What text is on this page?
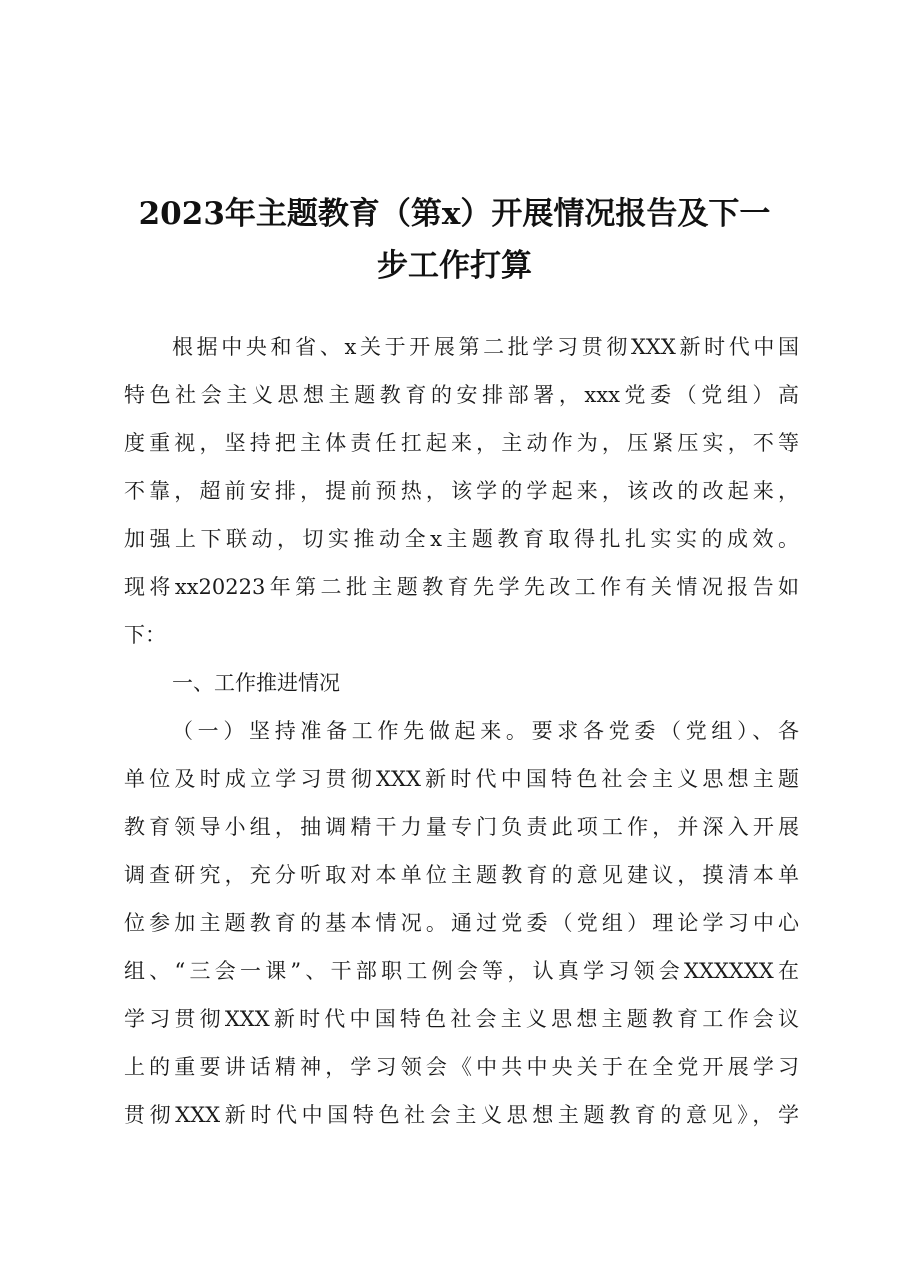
2023年主题教育（第x）开展情况报告及下一
步工作打算
根据中央和省、x关于开展第二批学习贯彻XXX新时代中国
特色社会主义思想主题教育的安排部署，xxx党委（党组）高
度重视，坚持把主体责任扛起来，主动作为，压紧压实，不等
不靠，超前安排，提前预热，该学的学起来，该改的改起来，
加强上下联动，切实推动全x主题教育取得扎扎实实的成效。
现将xx20223年第二批主题教育先学先改工作有关情况报告如
下：
一、工作推进情况
（一）坚持准备工作先做起来。要求各党委（党组）、各
单位及时成立学习贯彻XXX新时代中国特色社会主义思想主题
教育领导小组，抽调精干力量专门负责此项工作，并深入开展
调查研究，充分听取对本单位主题教育的意见建议，摸清本单
位参加主题教育的基本情况。通过党委（党组）理论学习中心
组、“三会一课”、干部职工例会等，认真学习领会XXXXXX在
学习贯彻XXX新时代中国特色社会主义思想主题教育工作会议
上的重要讲话精神，学习领会《中共中央关于在全党开展学习
贯彻XXX新时代中国特色社会主义思想主题教育的意见》，学
